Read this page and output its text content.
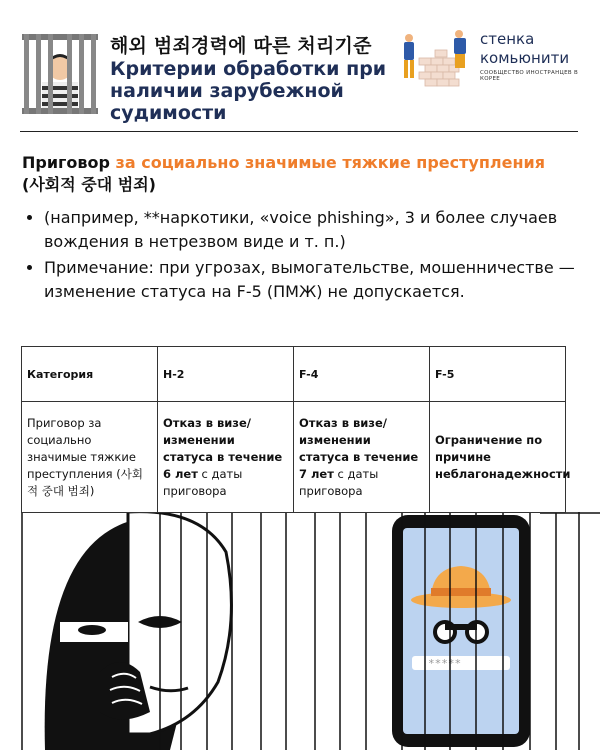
해외 범죄경력에 따른 처리기준
Критерии обработки при
наличии зарубежной
судимости
стенка
комьюнити
СООБЩЕСТВО ИНОСТРАНЦЕВ В КОРЕЕ
Приговор за социально значимые тяжкие преступления
(사회적 중대 범죄)
• (например, **наркотики, «voice phishing», 3 и более случаев вождения в нетрезвом виде и т. п.)
• Примечание: при угрозах, вымогательстве, мошенничестве — изменение статуса на F-5 (ПМЖ) не допускается.
Категория	H-2	F-4	F-5
Приговор за социально значимые тяжкие преступления (사회적 중대 범죄)	Отказ в визе/ изменении статуса в течение 6 лет с даты приговора	Отказ в визе/ изменении статуса в течение 7 лет с даты приговора	Ограничение по причине неблагонадежности
*****
